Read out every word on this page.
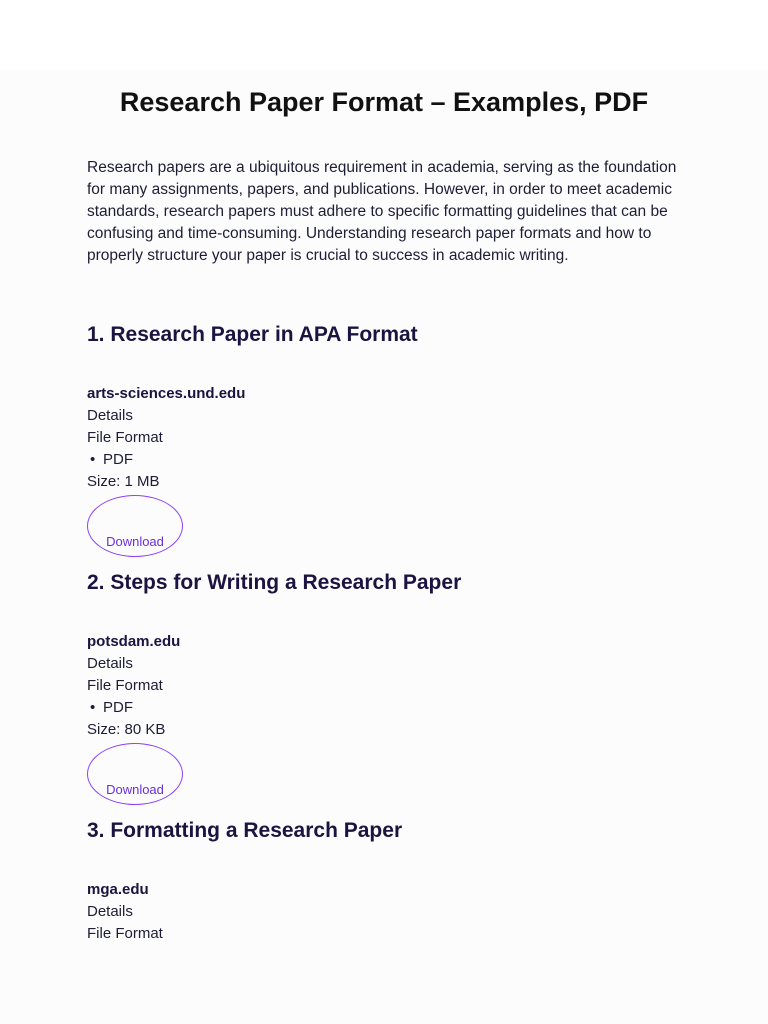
Research Paper Format – Examples, PDF

Research papers are a ubiquitous requirement in academia, serving as the foundation for many assignments, papers, and publications. However, in order to meet academic standards, research papers must adhere to specific formatting guidelines that can be confusing and time-consuming. Understanding research paper formats and how to properly structure your paper is crucial to success in academic writing.

1. Research Paper in APA Format

arts-sciences.und.edu

Details

File Format

• PDF

Size: 1 MB

Download
2. Steps for Writing a Research Paper

potsdam.edu

Details

File Format

• PDF

Size: 80 KB

Download
3. Formatting a Research Paper

mga.edu

Details

File Format
